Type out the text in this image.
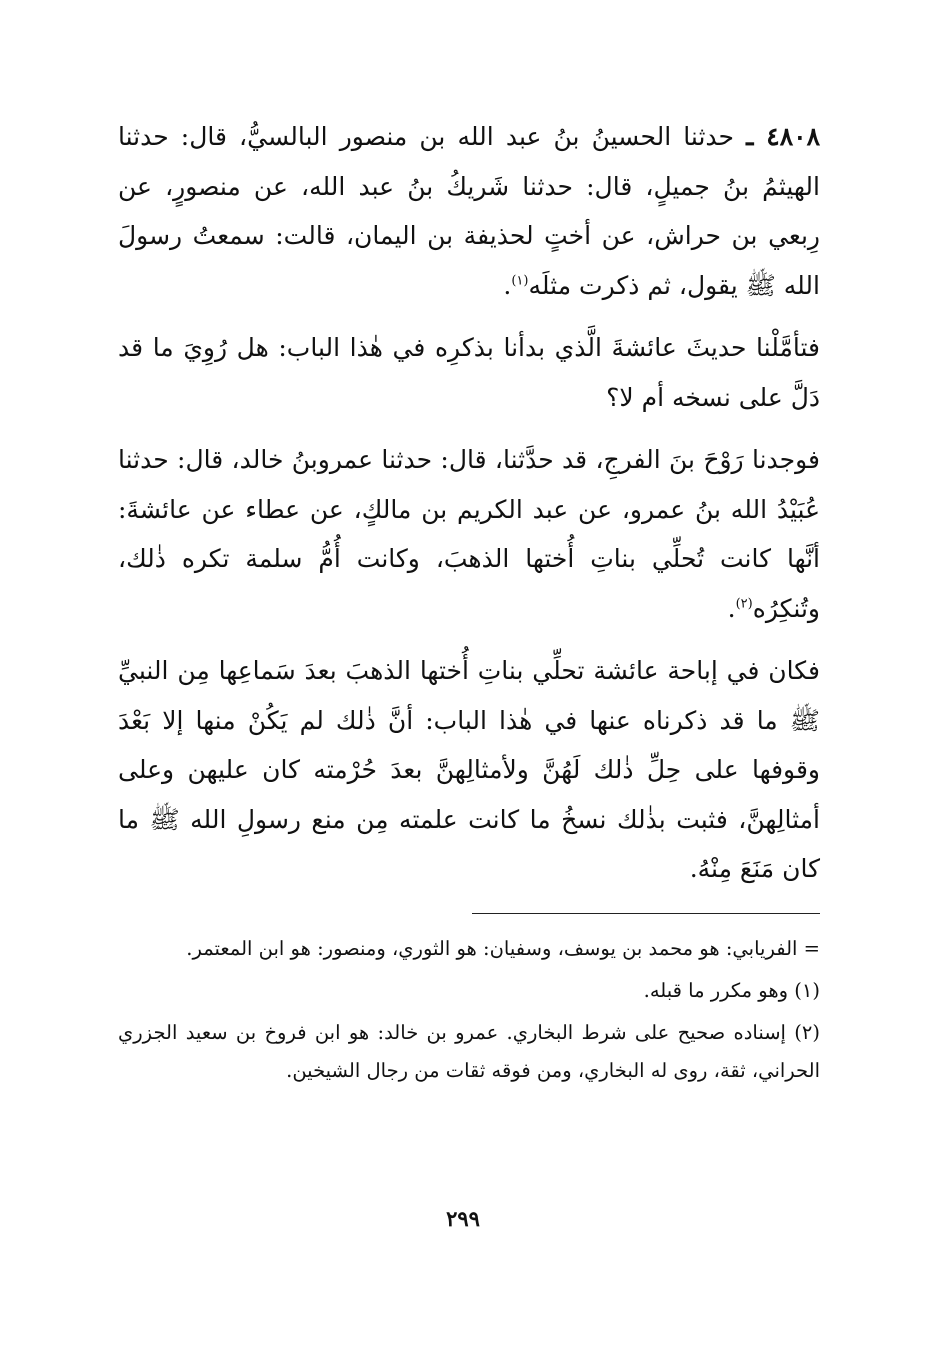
٤٨٠٨ ـ حدثنا الحسينُ بنُ عبد الله بن منصور البالسيُّ، قال: حدثنا الهيثمُ بنُ جميلٍ، قال: حدثنا شَريكُ بنُ عبد الله، عن منصورٍ، عن رِبعي بن حراش، عن أختٍ لحذيفة بن اليمان، قالت: سمعتُ رسولَ الله ﷺ يقول، ثم ذكرت مثلَه$^{(١)}$.

فتأمَّلْنا حديثَ عائشةَ الَّذي بدأنا بذكرِه في هٰذا الباب: هل رُوِيَ ما قد دَلَّ على نسخه أم لا؟

فوجدنا رَوْحَ بنَ الفرجِ، قد حدَّثنا، قال: حدثنا عمروبنُ خالد، قال: حدثنا عُبَيْدُ الله بنُ عمرو، عن عبد الكريم بن مالكٍ، عن عطاء عن عائشةَ: أنَّها كانت تُحلِّي بناتِ أُختها الذهبَ، وكانت أُمُّ سلمة تكره ذٰلك، وتُنكِرُه$^{(٢)}$.

فكان في إباحة عائشة تحلِّي بناتِ أُختها الذهبَ بعدَ سَماعِها مِن النبيِّ ﷺ ما قد ذكرناه عنها في هٰذا الباب: أنَّ ذٰلك لم يَكُنْ منها إلا بَعْدَ وقوفها على حِلِّ ذٰلك لَهُنَّ ولأمثالِهنَّ بعدَ حُرْمته كان عليهن وعلى أمثالِهنَّ، فثبت بذٰلك نسخُ ما كانت علمته مِن منع رسولِ الله ﷺ ما كان مَنَعَ مِنْهُ.

= الفريابي: هو محمد بن يوسف، وسفيان: هو الثوري، ومنصور: هو ابن المعتمر.

(١) وهو مكرر ما قبله.

(٢) إسناده صحيح على شرط البخاري. عمرو بن خالد: هو ابن فروخ بن سعيد الجزري الحراني، ثقة، روى له البخاري، ومن فوقه ثقات من رجال الشيخين.

٢٩٩
